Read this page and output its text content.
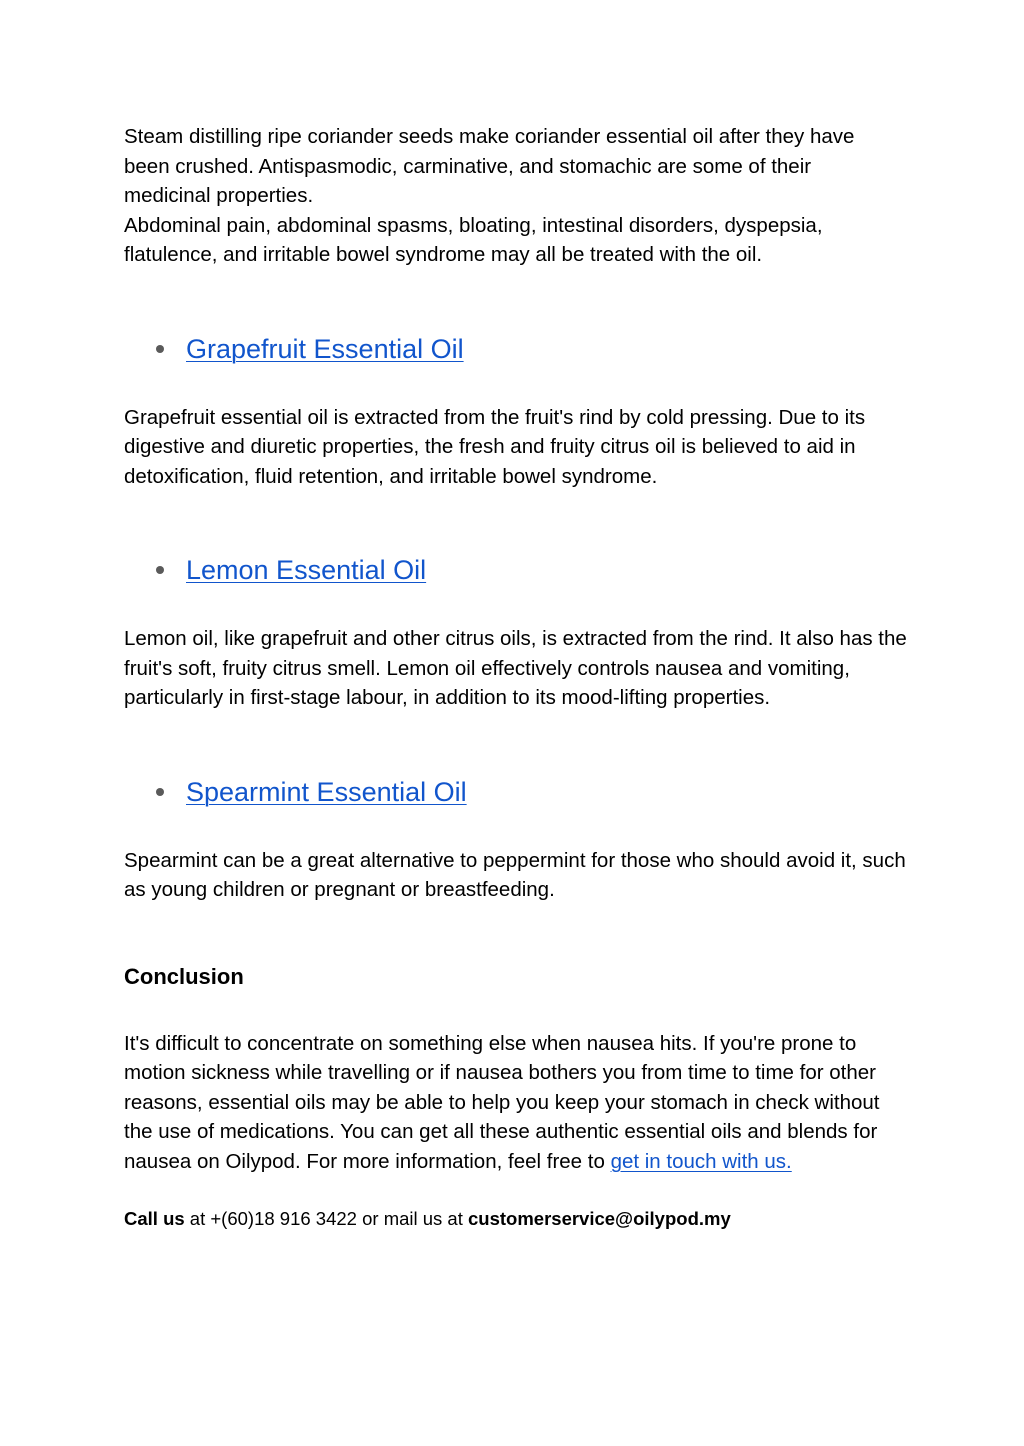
Steam distilling ripe coriander seeds make coriander essential oil after they have been crushed. Antispasmodic, carminative, and stomachic are some of their medicinal properties.
Abdominal pain, abdominal spasms, bloating, intestinal disorders, dyspepsia, flatulence, and irritable bowel syndrome may all be treated with the oil.

Grapefruit Essential Oil

Grapefruit essential oil is extracted from the fruit's rind by cold pressing. Due to its digestive and diuretic properties, the fresh and fruity citrus oil is believed to aid in detoxification, fluid retention, and irritable bowel syndrome.

Lemon Essential Oil

Lemon oil, like grapefruit and other citrus oils, is extracted from the rind. It also has the fruit's soft, fruity citrus smell. Lemon oil effectively controls nausea and vomiting, particularly in first-stage labour, in addition to its mood-lifting properties.

Spearmint Essential Oil

Spearmint can be a great alternative to peppermint for those who should avoid it, such as young children or pregnant or breastfeeding.

Conclusion

It's difficult to concentrate on something else when nausea hits. If you're prone to motion sickness while travelling or if nausea bothers you from time to time for other reasons, essential oils may be able to help you keep your stomach in check without the use of medications. You can get all these authentic essential oils and blends for nausea on Oilypod. For more information, feel free to get in touch with us.

Call us at +(60)18 916 3422 or mail us at customerservice@oilypod.my
